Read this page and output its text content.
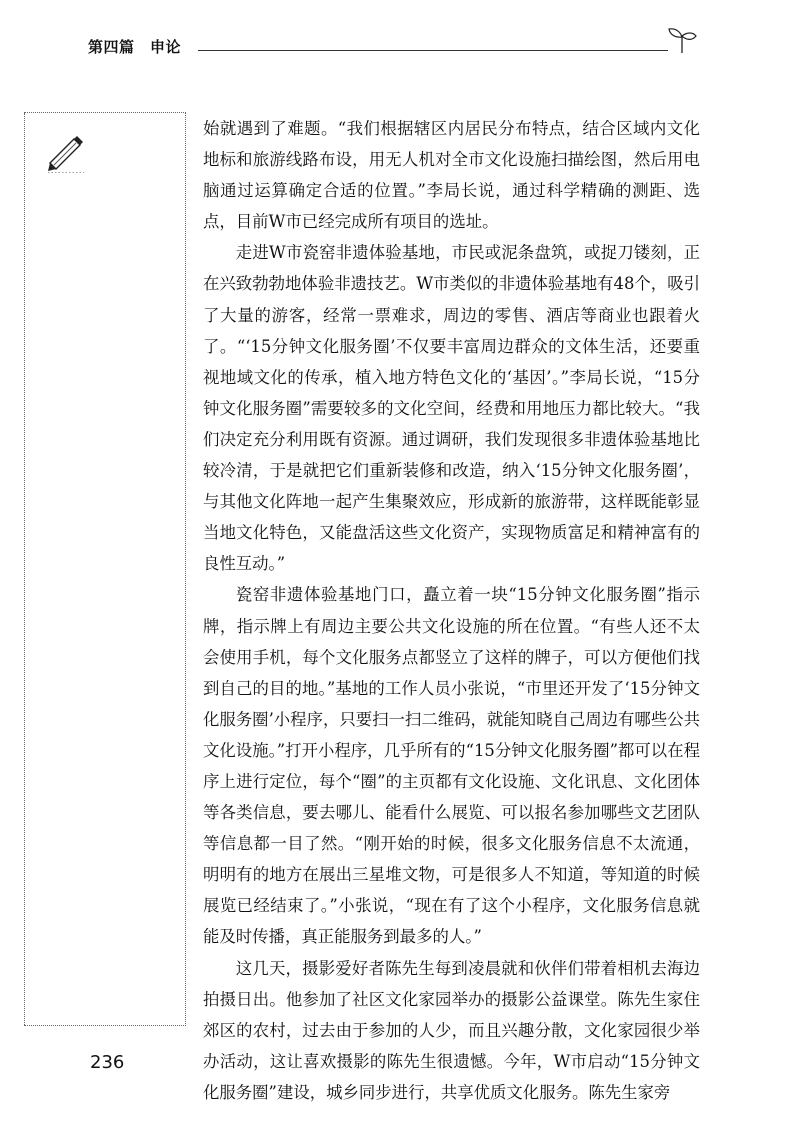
第四篇　申论

始就遇到了难题。“我们根据辖区内居民分布特点，结合区域内文化地标和旅游线路布设，用无人机对全市文化设施扫描绘图，然后用电脑通过运算确定合适的位置。”李局长说，通过科学精确的测距、选点，目前W市已经完成所有项目的选址。

走进W市瓷窑非遗体验基地，市民或泥条盘筑，或捉刀镂刻，正在兴致勃勃地体验非遗技艺。W市类似的非遗体验基地有48个，吸引了大量的游客，经常一票难求，周边的零售、酒店等商业也跟着火了。“‘15分钟文化服务圈’不仅要丰富周边群众的文体生活，还要重视地域文化的传承，植入地方特色文化的‘基因’。”李局长说，“15分钟文化服务圈”需要较多的文化空间，经费和用地压力都比较大。“我们决定充分利用既有资源。通过调研，我们发现很多非遗体验基地比较冷清，于是就把它们重新装修和改造，纳入‘15分钟文化服务圈’，与其他文化阵地一起产生集聚效应，形成新的旅游带，这样既能彰显当地文化特色，又能盘活这些文化资产，实现物质富足和精神富有的良性互动。”

瓷窑非遗体验基地门口，矗立着一块“15分钟文化服务圈”指示牌，指示牌上有周边主要公共文化设施的所在位置。“有些人还不太会使用手机，每个文化服务点都竖立了这样的牌子，可以方便他们找到自己的目的地。”基地的工作人员小张说，“市里还开发了‘15分钟文化服务圈’小程序，只要扫一扫二维码，就能知晓自己周边有哪些公共文化设施。”打开小程序，几乎所有的“15分钟文化服务圈”都可以在程序上进行定位，每个“圈”的主页都有文化设施、文化讯息、文化团体等各类信息，要去哪儿、能看什么展览、可以报名参加哪些文艺团队等信息都一目了然。“刚开始的时候，很多文化服务信息不太流通，明明有的地方在展出三星堆文物，可是很多人不知道，等知道的时候展览已经结束了。”小张说，“现在有了这个小程序，文化服务信息就能及时传播，真正能服务到最多的人。”

这几天，摄影爱好者陈先生每到凌晨就和伙伴们带着相机去海边拍摄日出。他参加了社区文化家园举办的摄影公益课堂。陈先生家住郊区的农村，过去由于参加的人少，而且兴趣分散，文化家园很少举办活动，这让喜欢摄影的陈先生很遗憾。今年，W市启动“15分钟文化服务圈”建设，城乡同步进行，共享优质文化服务。陈先生家旁

236
